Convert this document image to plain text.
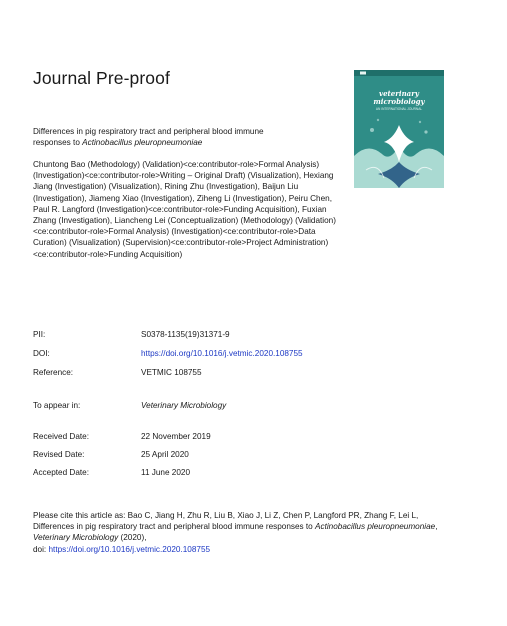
Journal Pre-proof
Differences in pig respiratory tract and peripheral blood immune
responses to Actinobacillus pleuropneumoniae
Chuntong Bao (Methodology) (Validation)<ce:contributor-role>Formal Analysis) (Investigation)<ce:contributor-role>Writing – Original Draft) (Visualization), Hexiang Jiang (Investigation) (Visualization), Rining Zhu (Investigation), Baijun Liu (Investigation), Jiameng Xiao (Investigation), Ziheng Li (Investigation), Peiru Chen, Paul R. Langford (Investigation)<ce:contributor-role>Funding Acquisition), Fuxian Zhang (Investigation), Liancheng Lei (Conceptualization) (Methodology) (Validation)<ce:contributor-role>Formal Analysis) (Investigation)<ce:contributor-role>Data Curation) (Visualization) (Supervision)<ce:contributor-role>Project Administration)<ce:contributor-role>Funding Acquisition)
PII:	S0378-1135(19)31371-9
DOI:	https://doi.org/10.1016/j.vetmic.2020.108755
Reference:	VETMIC 108755
To appear in:	Veterinary Microbiology
Received Date:	22 November 2019
Revised Date:	25 April 2020
Accepted Date:	11 June 2020
Please cite this article as: Bao C, Jiang H, Zhu R, Liu B, Xiao J, Li Z, Chen P, Langford PR, Zhang F, Lei L, Differences in pig respiratory tract and peripheral blood immune responses to Actinobacillus pleuropneumoniae, Veterinary Microbiology (2020),
doi: https://doi.org/10.1016/j.vetmic.2020.108755
veterinary
microbiology
AN INTERNATIONAL JOURNAL
